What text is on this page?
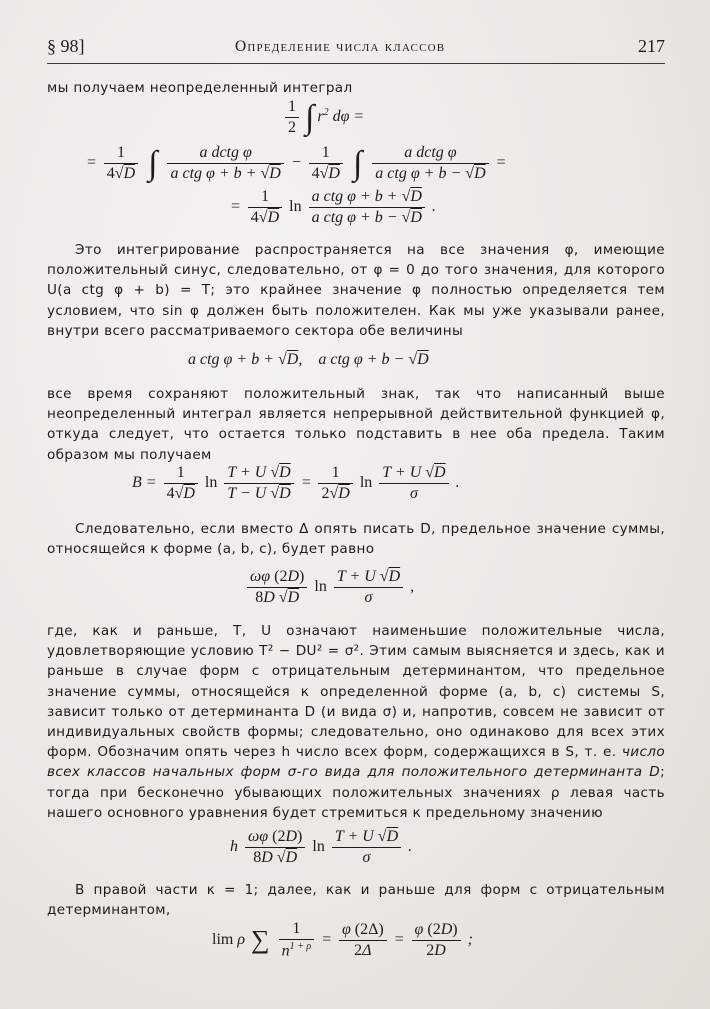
§ 98]	Определение числа классов	217

мы получаем неопределенный интеграл

$\frac{1}{2}$ ∫ $r^2$ dφ =
= $\frac{1}{4√D}$ ∫ $\frac{\text{a dctg φ}}{\text{a ctg φ + b + √D}} - \frac{1}{4√D}$ ∫ $\frac{\text{a dctg φ}}{\text{a ctg φ + b − √D}}$ =
= $\frac{1}{4√D}$ $\ln \frac{\text{a ctg φ + b + √D}}{\text{a ctg φ + b − √D}}$ .

Это интегрирование распространяется на все значения φ, имеющие положительный синус, следовательно, от φ = 0 до того значения, для которого U(a ctg φ + b) = T; это крайнее значение φ полностью определяется тем условием, что sin φ должен быть положителен. Как мы уже указывали ранее, внутри всего рассматриваемого сектора обе величины

a ctg φ + b + √D,    a ctg φ + b − √D

все время сохраняют положительный знак, так что написанный выше неопределенный интеграл является непрерывной действительной функцией φ, откуда следует, что остается только подставить в нее оба предела. Таким образом мы получаем

$B = \frac{1}{4√D}$ $\ln \frac{T + U √D}{T - U √D} = \frac{1}{2√D}$ $\ln \frac{T + U √D}{\sigma}$ .

Следовательно, если вместо Δ опять писать D, предельное значение суммы, относящейся к форме (a, b, c), будет равно

$\frac{\omega\varphi (2D)}{8D √D}$ $\ln \frac{T + U √D}{\sigma}$ ,

где, как и раньше, T, U означают наименьшие положительные числа, удовлетворяющие условию T² − DU² = σ². Этим самым выясняется и здесь, как и раньше в случае форм с отрицательным детерминантом, что предельное значение суммы, относящейся к определенной форме (a, b, c) системы S, зависит только от детерминанта D (и вида σ) и, напротив, совсем не зависит от индивидуальных свойств формы; следовательно, оно одинаково для всех этих форм. Обозначим опять через h число всех форм, содержащихся в S, т. е. число всех классов начальных форм σ-го вида для положительного детерминанта D; тогда при бесконечно убывающих положительных значениях ρ левая часть нашего основного уравнения будет стремиться к предельному значению

h $\frac{\omega\varphi (2D)}{8D √D}$ $\ln \frac{T + U √D}{\sigma}$ .

В правой части κ = 1; далее, как и раньше для форм с отрицательным детерминантом,

lim ρ ∑ $\frac{1}{n^{1 + \rho}} = \frac{\varphi (2\Delta)}{2\Delta} = \frac{\varphi (2D)}{2D}$ ;
